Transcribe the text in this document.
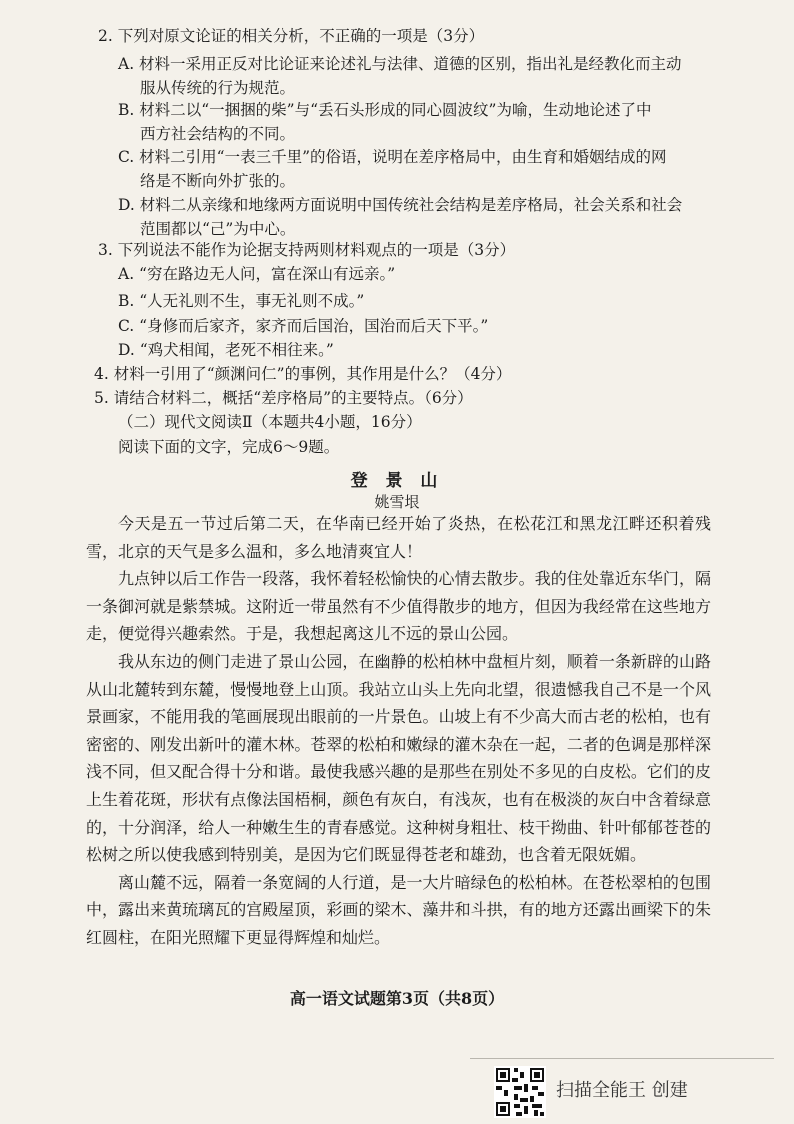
2. 下列对原文论证的相关分析，不正确的一项是（3分）
A. 材料一采用正反对比论证来论述礼与法律、道德的区别，指出礼是经教化而主动
服从传统的行为规范。
B. 材料二以“一捆捆的柴”与“丢石头形成的同心圆波纹”为喻，生动地论述了中
西方社会结构的不同。
C. 材料二引用“一表三千里”的俗语，说明在差序格局中，由生育和婚姻结成的网
络是不断向外扩张的。
D. 材料二从亲缘和地缘两方面说明中国传统社会结构是差序格局，社会关系和社会
范围都以“己”为中心。
3. 下列说法不能作为论据支持两则材料观点的一项是（3分）
A. “穷在路边无人问，富在深山有远亲。”
B. “人无礼则不生，事无礼则不成。”
C. “身修而后家齐，家齐而后国治，国治而后天下平。”
D. “鸡犬相闻，老死不相往来。”
4. 材料一引用了“颜渊问仁”的事例，其作用是什么？（4分）
5. 请结合材料二，概括“差序格局”的主要特点。（6分）
（二）现代文阅读Ⅱ（本题共4小题，16分）
阅读下面的文字，完成6～9题。
登 景 山
姚雪垠

今天是五一节过后第二天，在华南已经开始了炎热，在松花江和黑龙江畔还积着残雪，北京的天气是多么温和，多么地清爽宜人！

九点钟以后工作告一段落，我怀着轻松愉快的心情去散步。我的住处靠近东华门，隔一条御河就是紫禁城。这附近一带虽然有不少值得散步的地方，但因为我经常在这些地方走，便觉得兴趣索然。于是，我想起离这儿不远的景山公园。

我从东边的侧门走进了景山公园，在幽静的松柏林中盘桓片刻，顺着一条新辟的山路从山北麓转到东麓，慢慢地登上山顶。我站立山头上先向北望，很遗憾我自己不是一个风景画家，不能用我的笔画展现出眼前的一片景色。山坡上有不少高大而古老的松柏，也有密密的、刚发出新叶的灌木林。苍翠的松柏和嫩绿的灌木杂在一起，二者的色调是那样深浅不同，但又配合得十分和谐。最使我感兴趣的是那些在别处不多见的白皮松。它们的皮上生着花斑，形状有点像法国梧桐，颜色有灰白，有浅灰，也有在极淡的灰白中含着绿意的，十分润泽，给人一种嫩生生的青春感觉。这种树身粗壮、枝干拗曲、针叶郁郁苍苍的松树之所以使我感到特别美，是因为它们既显得苍老和雄劲，也含着无限妩媚。

离山麓不远，隔着一条宽阔的人行道，是一大片暗绿色的松柏林。在苍松翠柏的包围中，露出来黄琉璃瓦的宫殿屋顶，彩画的梁木、藻井和斗拱，有的地方还露出画梁下的朱红圆柱，在阳光照耀下更显得辉煌和灿烂。

高一语文试题第3页（共8页）
扫描全能王 创建
